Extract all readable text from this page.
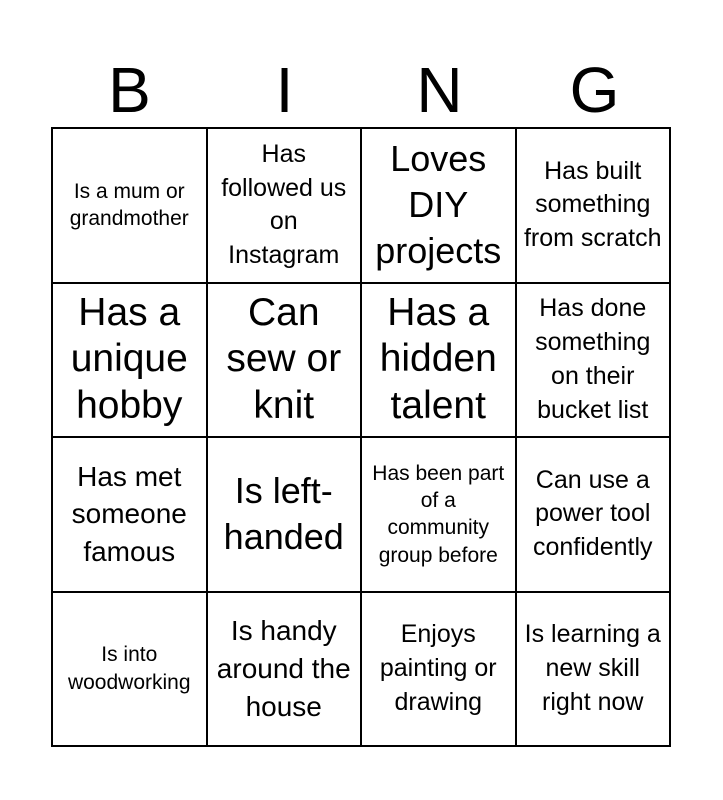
B	I	N	G
Is a mum or grandmother
Has followed us on Instagram
Loves DIY projects
Has built something from scratch
Has a unique hobby
Can sew or knit
Has a hidden talent
Has done something on their bucket list
Has met someone famous
Is left-handed
Has been part of a community group before
Can use a power tool confidently
Is into woodworking
Is handy around the house
Enjoys painting or drawing
Is learning a new skill right now
